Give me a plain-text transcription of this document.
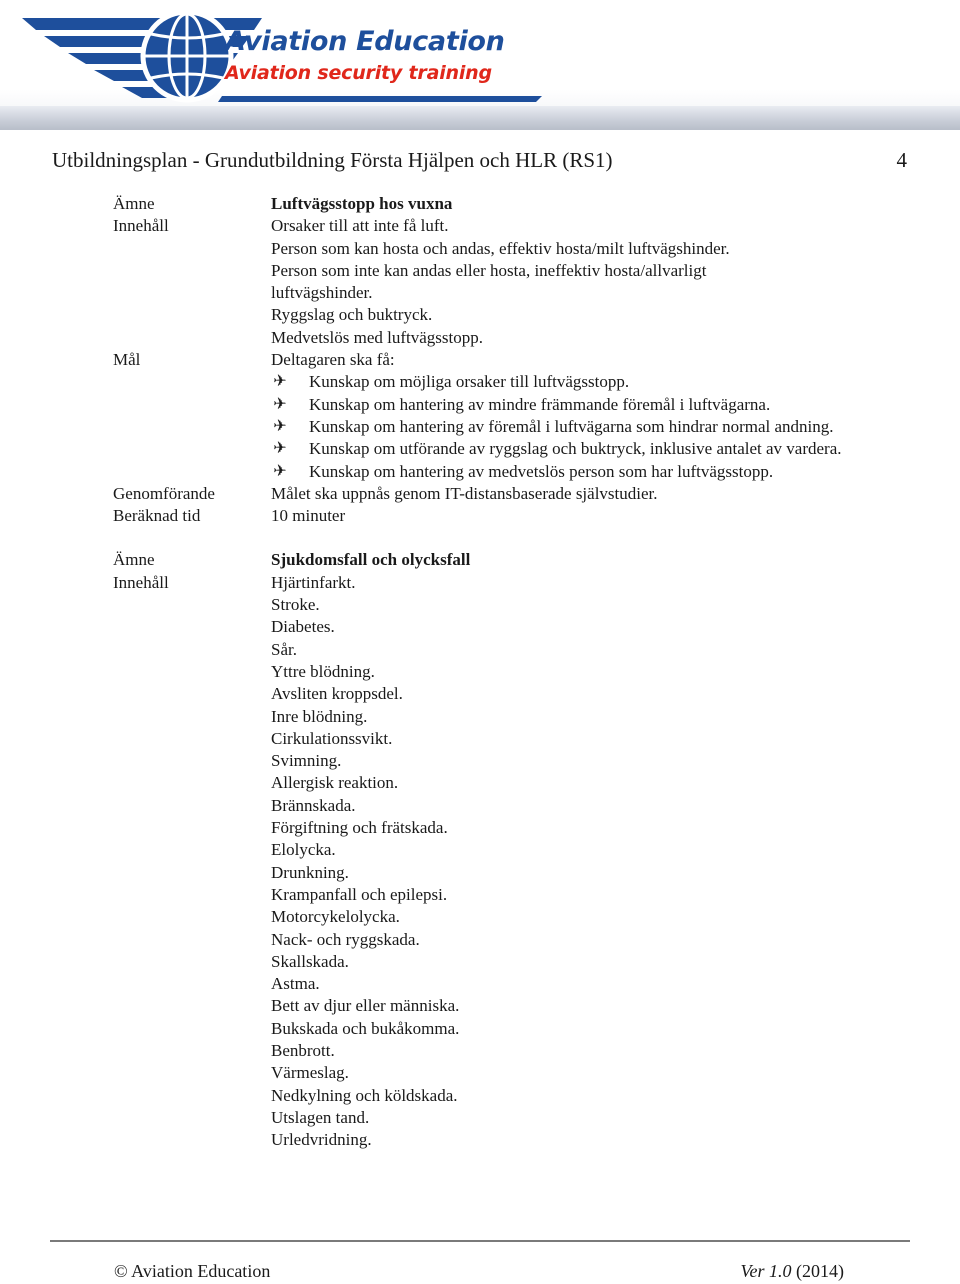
Aviation Education
Aviation security training
Utbildningsplan - Grundutbildning Första Hjälpen och HLR (RS1)	4
Ämne	Luftvägsstopp hos vuxna
Innehåll	Orsaker till att inte få luft.
Person som kan hosta och andas, effektiv hosta/milt luftvägshinder.
Person som inte kan andas eller hosta, ineffektiv hosta/allvarligt
luftvägshinder.
Ryggslag och buktryck.
Medvetslös med luftvägsstopp.
Mål	Deltagaren ska få:
✈ Kunskap om möjliga orsaker till luftvägsstopp.
✈ Kunskap om hantering av mindre främmande föremål i luftvägarna.
✈ Kunskap om hantering av föremål i luftvägarna som hindrar normal andning.
✈ Kunskap om utförande av ryggslag och buktryck, inklusive antalet av vardera.
✈ Kunskap om hantering av medvetslös person som har luftvägsstopp.
Genomförande	Målet ska uppnås genom IT-distansbaserade självstudier.
Beräknad tid	10 minuter
Ämne	Sjukdomsfall och olycksfall
Innehåll	Hjärtinfarkt.
Stroke.
Diabetes.
Sår.
Yttre blödning.
Avsliten kroppsdel.
Inre blödning.
Cirkulationssvikt.
Svimning.
Allergisk reaktion.
Brännskada.
Förgiftning och frätskada.
Elolycka.
Drunkning.
Krampanfall och epilepsi.
Motorcykelolycka.
Nack- och ryggskada.
Skallskada.
Astma.
Bett av djur eller människa.
Bukskada och bukåkomma.
Benbrott.
Värmeslag.
Nedkylning och köldskada.
Utslagen tand.
Urledvridning.
© Aviation Education	Ver 1.0 (2014)
